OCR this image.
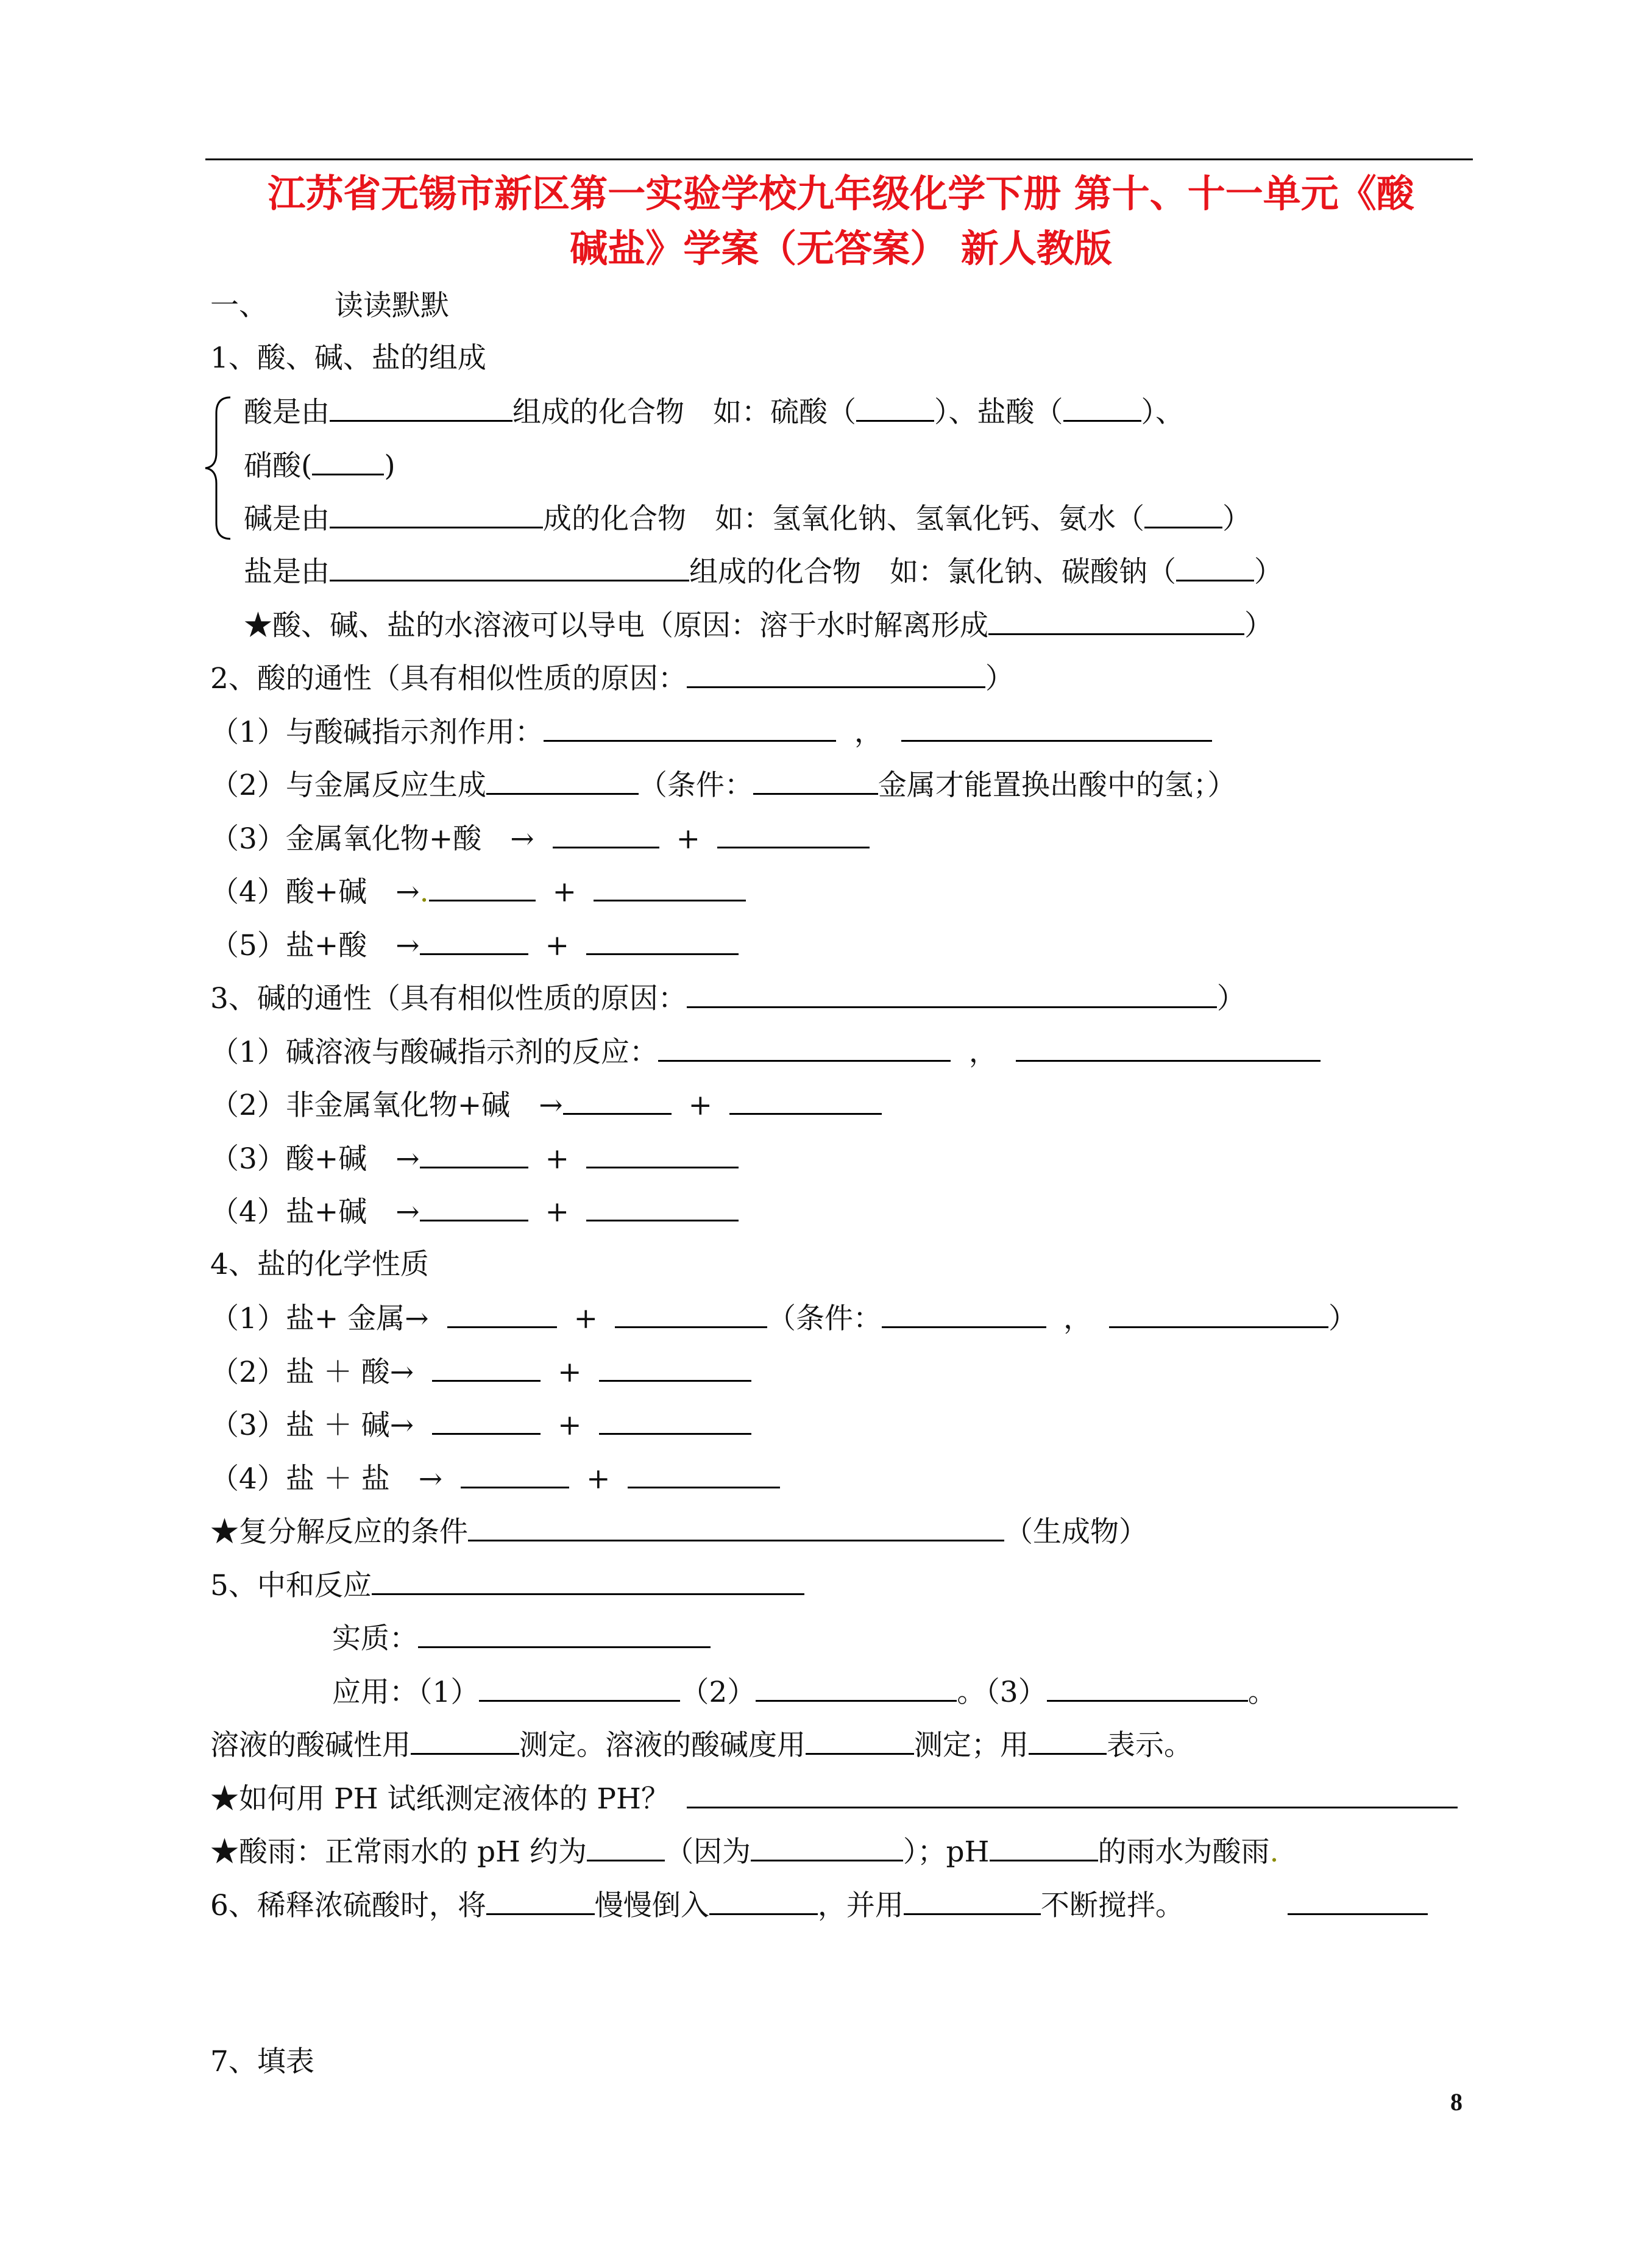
江苏省无锡市新区第一实验学校九年级化学下册 第十、十一单元《酸
碱盐》学案（无答案） 新人教版
一、 读读默默
1、酸、碱、盐的组成
酸是由	组成的化合物　如：硫酸（	）、盐酸（	）、
硝酸(	)
碱是由	成的化合物　如：氢氧化钠、氢氧化钙、氨水（	）
盐是由	组成的化合物　如：氯化钠、碳酸钠（	）
★酸、碱、盐的水溶液可以导电（原因：溶于水时解离形成	）
2、酸的通性（具有相似性质的原因：	）
（1）与酸碱指示剂作用：	，
（2）与金属反应生成	（条件：	金属才能置换出酸中的氢；）
（3）金属氧化物+酸　→	+
（4）酸+碱　→.	+
（5）盐+酸　→	+
3、碱的通性（具有相似性质的原因：	）
（1）碱溶液与酸碱指示剂的反应：	，
（2）非金属氧化物+碱　→	+
（3）酸+碱　→	+
（4）盐+碱　→	+
4、盐的化学性质
（1）盐+ 金属→	+	（条件：	，	）
（2）盐 ＋ 酸→	+
（3）盐 ＋ 碱→	+
（4）盐 ＋ 盐　→	+
★复分解反应的条件	（生成物）
5、中和反应
实质：
应用：（1）	（2）	。（3）	。
溶液的酸碱性用	测定。溶液的酸碱度用	测定；用	表示。
★如何用 PH 试纸测定液体的 PH？
★酸雨：正常雨水的 pH 约为	（因为	）；pH	的雨水为酸雨.
6、稀释浓硫酸时，将	慢慢倒入	，并用	不断搅拌。
7、填表
8
